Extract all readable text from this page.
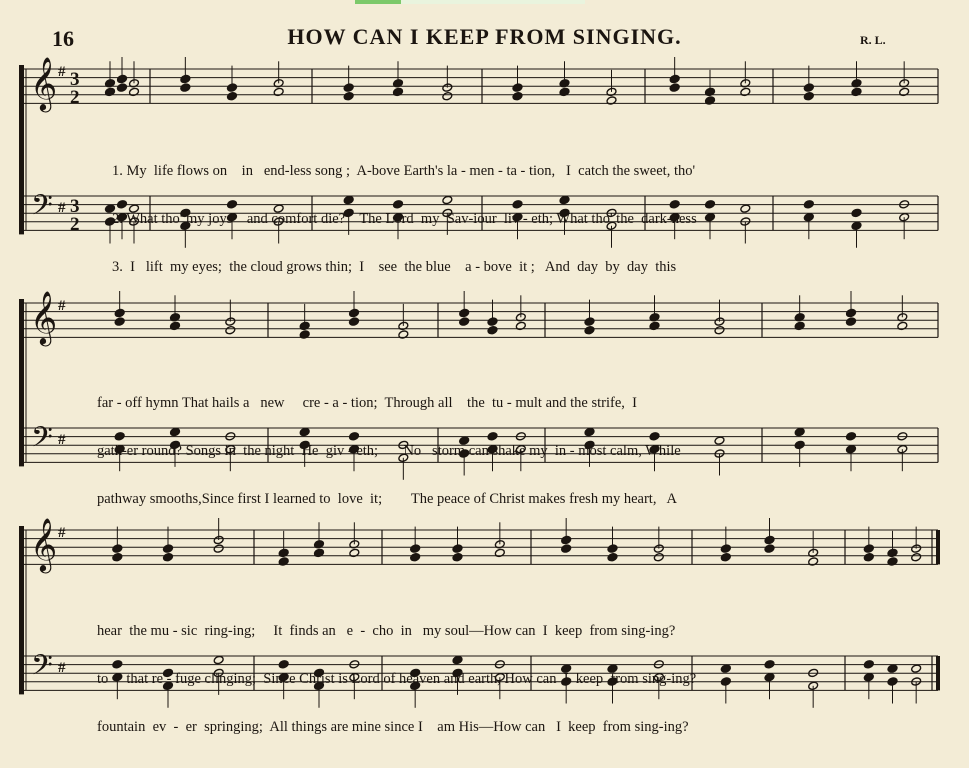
16	HOW CAN I KEEP FROM SINGING.	R. L.
𝄞
𝄢
#
#
3
2
3
2
𝄞
𝄢
#
#
𝄞
𝄢
#
#

1. My  life flows on    in   end-less song ;  A-bove Earth's la - men - ta - tion,   I  catch the sweet, tho'

2. What tho' my joys    and comfort die?    The Lord  my  Sav-iour  liv - eth; What tho' the  dark-ness

3.  I   lift  my eyes;  the cloud grows thin;  I    see  the blue    a - bove  it ;   And  day  by  day  this

far - off hymn That hails a   new     cre - a - tion;  Through all    the  tu - mult and the strife,  I

gath-er round? Songs in  the night  He  giv - eth;       No   storm can shake my  in - most calm, While

pathway smooths,Since first I learned to  love  it;        The peace of Christ makes fresh my heart,   A

hear  the mu - sic  ring-ing;     It  finds an   e  -  cho  in   my soul—How can  I  keep  from sing-ing?

to     that re - fuge clinging;  Since Christ is Lord of heaven and earth, How can  I  keep  from sing-ing?

fountain  ev  -  er  springing;  All things are mine since I    am His—How can   I  keep  from sing-ing?
